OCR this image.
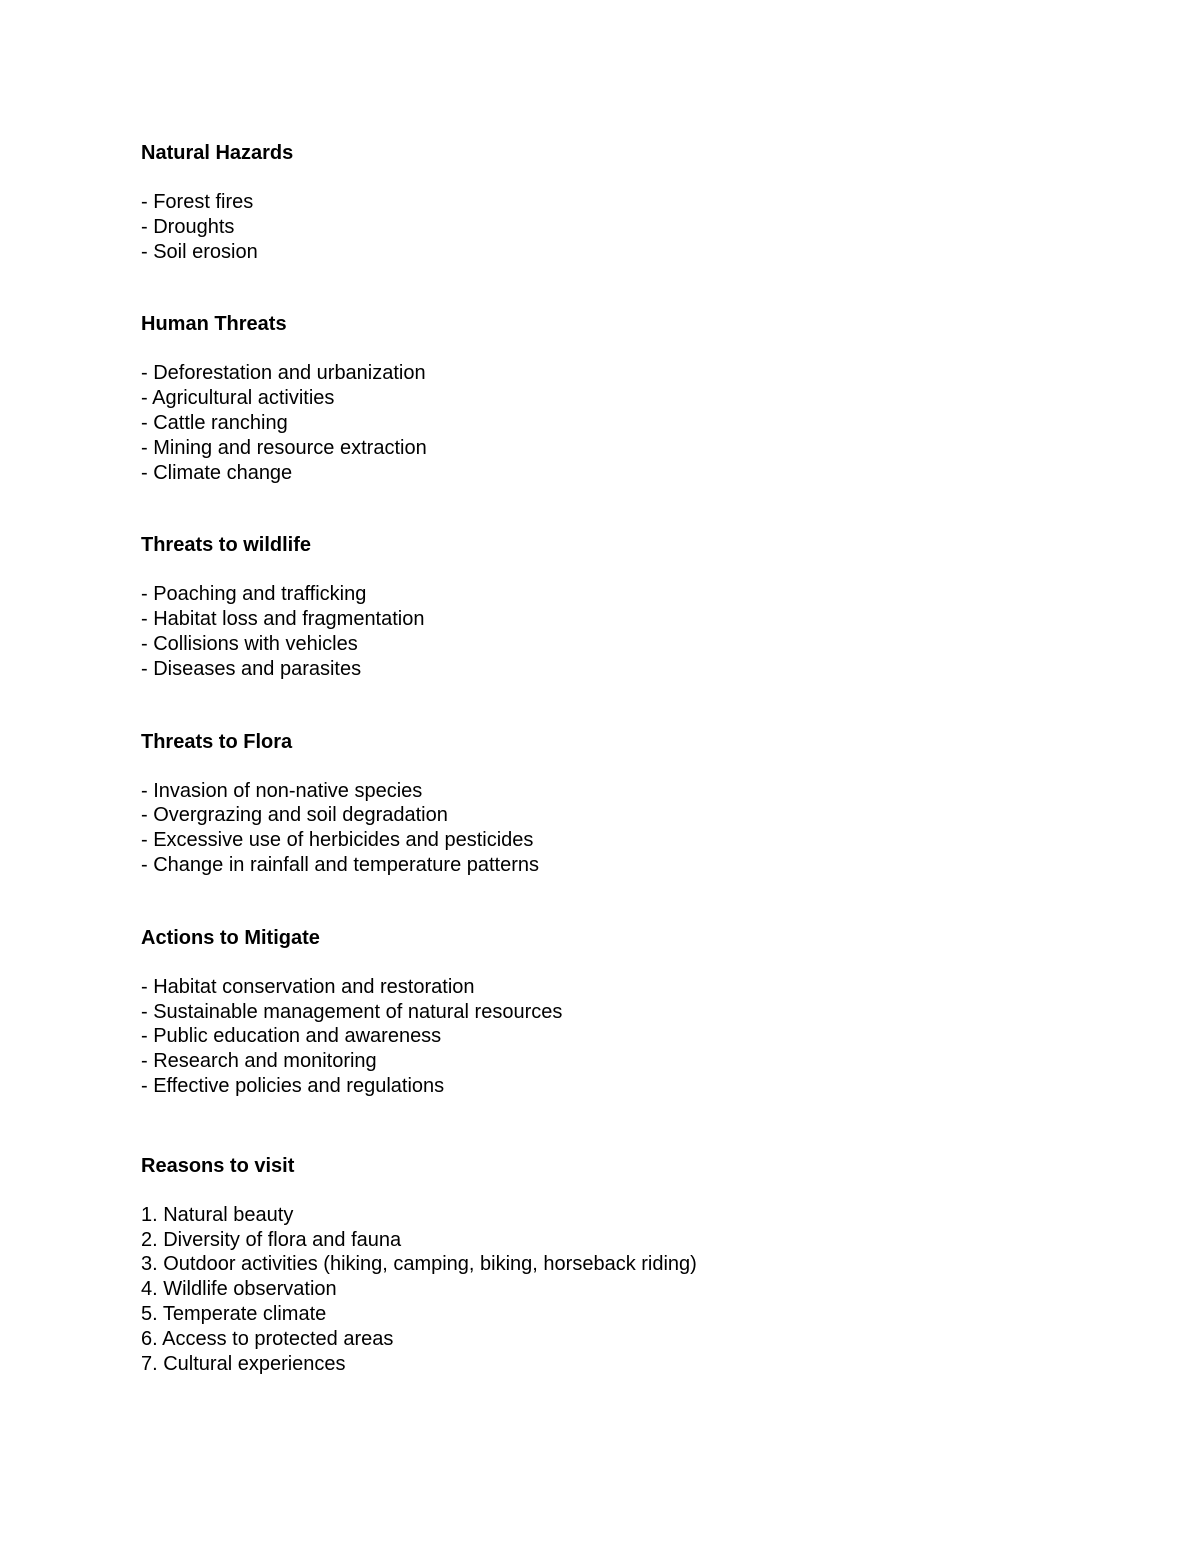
Natural Hazards
- Forest fires
- Droughts
- Soil erosion
Human Threats
- Deforestation and urbanization
- Agricultural activities
- Cattle ranching
- Mining and resource extraction
- Climate change
Threats to wildlife
- Poaching and trafficking
- Habitat loss and fragmentation
- Collisions with vehicles
- Diseases and parasites
Threats to Flora
- Invasion of non-native species
- Overgrazing and soil degradation
- Excessive use of herbicides and pesticides
- Change in rainfall and temperature patterns
Actions to Mitigate
- Habitat conservation and restoration
- Sustainable management of natural resources
- Public education and awareness
- Research and monitoring
- Effective policies and regulations
Reasons to visit
1. Natural beauty
2. Diversity of flora and fauna
3. Outdoor activities (hiking, camping, biking, horseback riding)
4. Wildlife observation
5. Temperate climate
6. Access to protected areas
7. Cultural experiences
